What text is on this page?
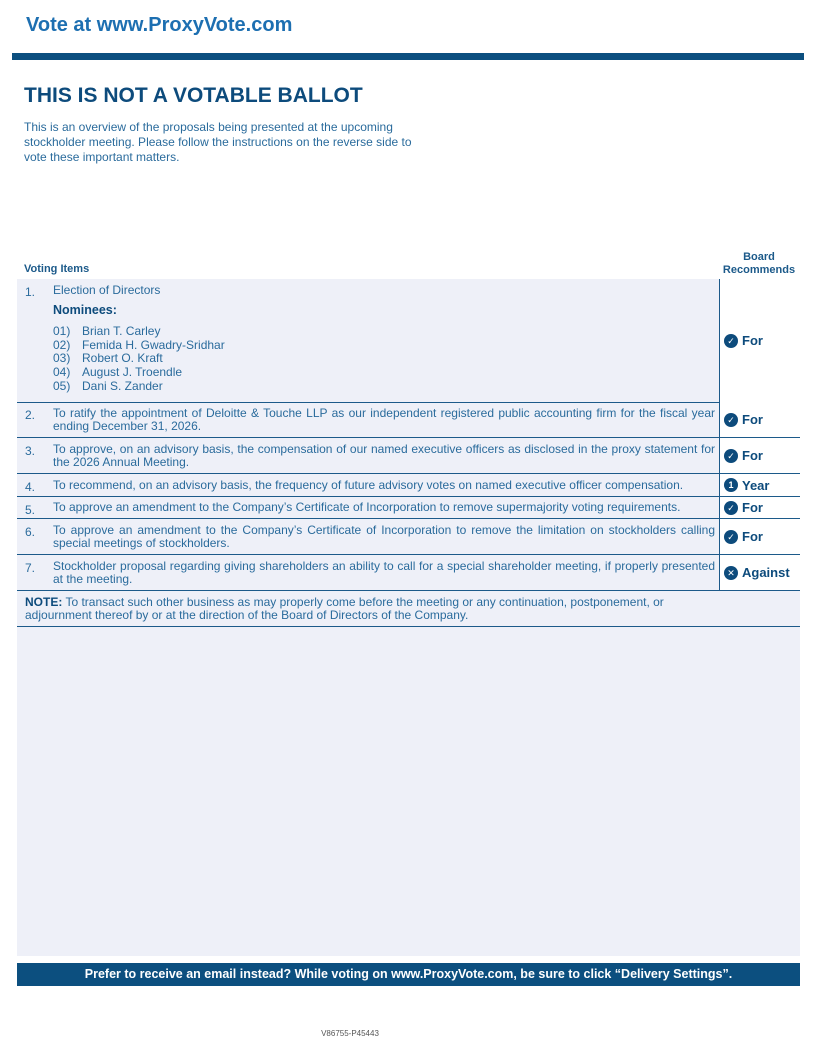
Vote at www.ProxyVote.com
THIS IS NOT A VOTABLE BALLOT
This is an overview of the proposals being presented at the upcoming stockholder meeting. Please follow the instructions on the reverse side to vote these important matters.
Voting Items
Board
Recommends
1. Election of Directors
Nominees:
01) Brian T. Carley
02) Femida H. Gwadry-Sridhar
03) Robert O. Kraft
04) August J. Troendle
05) Dani S. Zander
✓ For
2. To ratify the appointment of Deloitte & Touche LLP as our independent registered public accounting firm for the fiscal year ending December 31, 2026.	✓ For
3. To approve, on an advisory basis, the compensation of our named executive officers as disclosed in the proxy statement for the 2026 Annual Meeting.	✓ For
4. To recommend, on an advisory basis, the frequency of future advisory votes on named executive officer compensation.	1 Year
5. To approve an amendment to the Company’s Certificate of Incorporation to remove supermajority voting requirements.	✓ For
6. To approve an amendment to the Company’s Certificate of Incorporation to remove the limitation on stockholders calling special meetings of stockholders.	✓ For
7. Stockholder proposal regarding giving shareholders an ability to call for a special shareholder meeting, if properly presented at the meeting.	✕ Against
NOTE: To transact such other business as may properly come before the meeting or any continuation, postponement, or adjournment thereof by or at the direction of the Board of Directors of the Company.
Prefer to receive an email instead? While voting on www.ProxyVote.com, be sure to click “Delivery Settings”.
V86755-P45443
